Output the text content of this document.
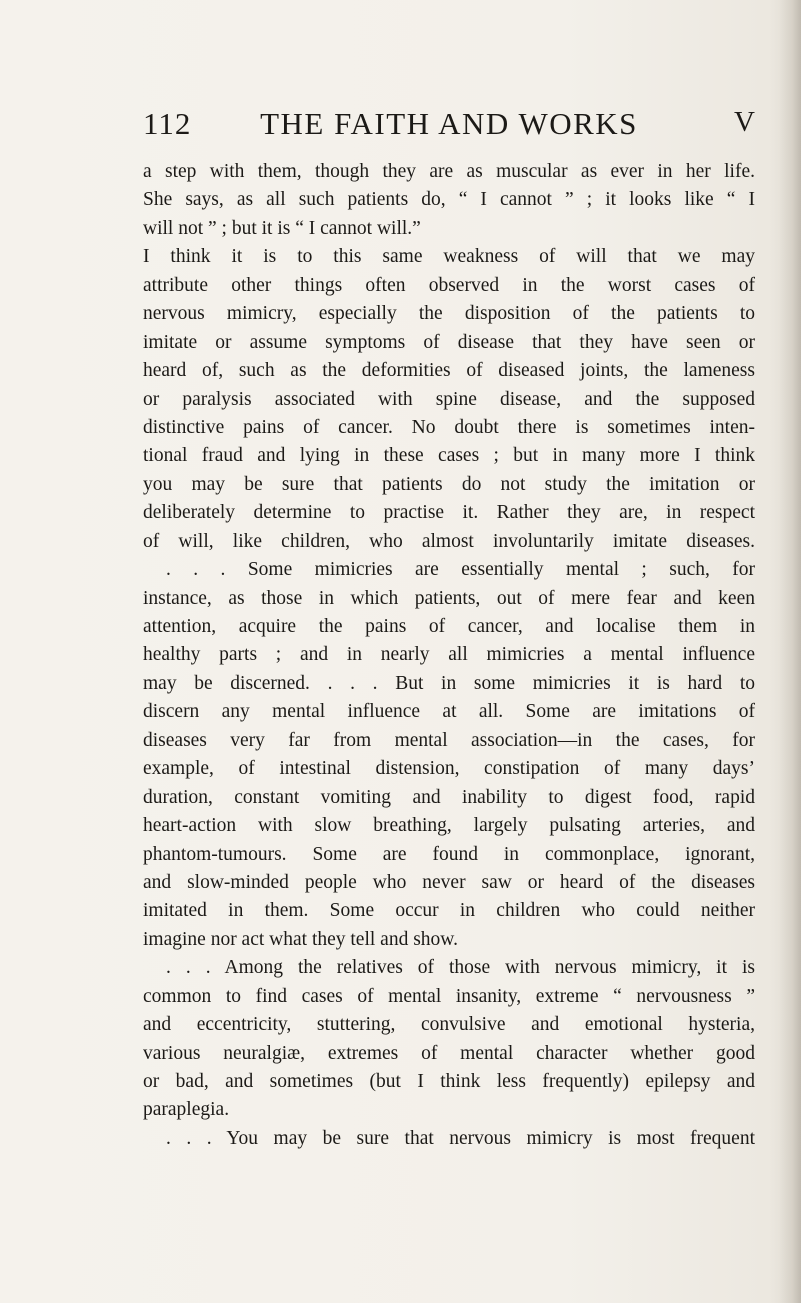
112	THE FAITH AND WORKS	V
a step with them, though they are as muscular as ever in her life.
She says, as all such patients do, “ I cannot ” ; it looks like “ I
will not ” ; but it is “ I cannot will.”
I think it is to this same weakness of will that we may
attribute other things often observed in the worst cases of
nervous mimicry, especially the disposition of the patients to
imitate or assume symptoms of disease that they have seen or
heard of, such as the deformities of diseased joints, the lameness
or paralysis associated with spine disease, and the supposed
distinctive pains of cancer. No doubt there is sometimes inten-
tional fraud and lying in these cases ; but in many more I think
you may be sure that patients do not study the imitation or
deliberately determine to practise it. Rather they are, in respect
of will, like children, who almost involuntarily imitate diseases.
. . . Some mimicries are essentially mental ; such, for
instance, as those in which patients, out of mere fear and keen
attention, acquire the pains of cancer, and localise them in
healthy parts ; and in nearly all mimicries a mental influence
may be discerned. . . . But in some mimicries it is hard to
discern any mental influence at all. Some are imitations of
diseases very far from mental association—in the cases, for
example, of intestinal distension, constipation of many days’
duration, constant vomiting and inability to digest food, rapid
heart-action with slow breathing, largely pulsating arteries, and
phantom-tumours. Some are found in commonplace, ignorant,
and slow-minded people who never saw or heard of the diseases
imitated in them. Some occur in children who could neither
imagine nor act what they tell and show.
. . . Among the relatives of those with nervous mimicry, it is
common to find cases of mental insanity, extreme “ nervousness ”
and eccentricity, stuttering, convulsive and emotional hysteria,
various neuralgiæ, extremes of mental character whether good
or bad, and sometimes (but I think less frequently) epilepsy and
paraplegia.
. . . You may be sure that nervous mimicry is most frequent
